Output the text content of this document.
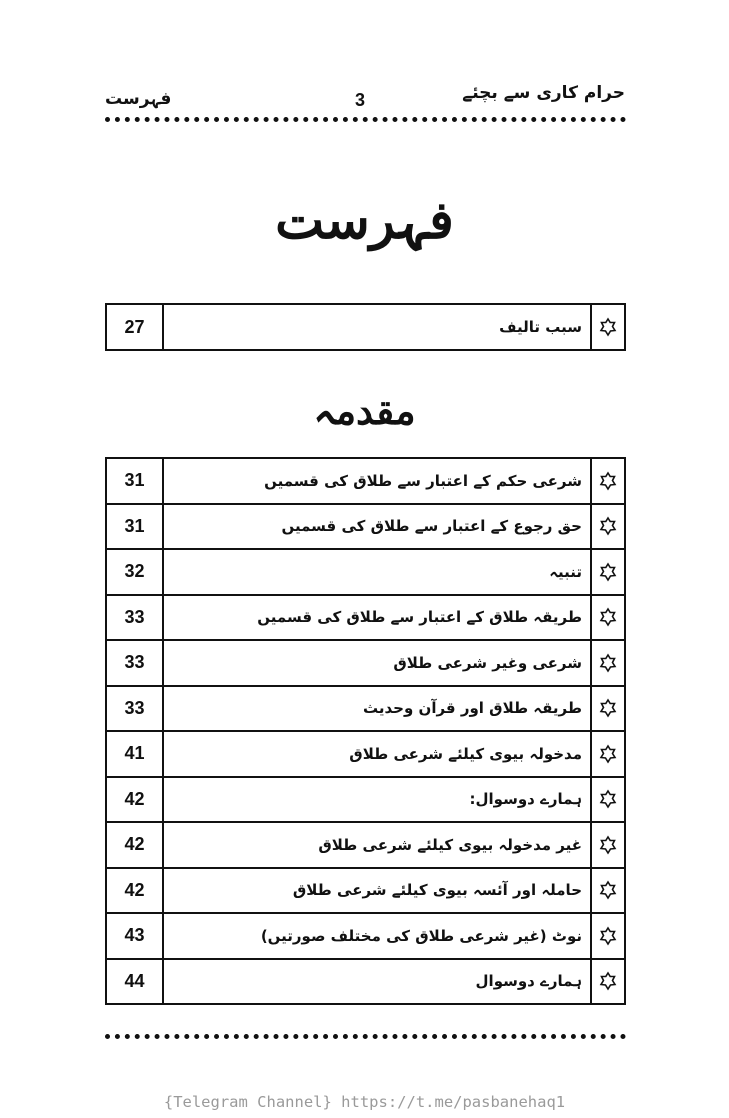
حرام کاری سے بچئے
3
فہرست
فہرست
27	سبب تالیف	
مقدمہ
31	شرعی حکم کے اعتبار سے طلاق کی قسمیں	

31	حق رجوع کے اعتبار سے طلاق کی قسمیں	

32	تنبیہ	

33	طریقہ طلاق کے اعتبار سے طلاق کی قسمیں	

33	شرعی وغیر شرعی طلاق	

33	طریقہ طلاق اور قرآن وحدیث	

41	مدخولہ بیوی کیلئے شرعی طلاق	

42	ہمارے دوسوال:	

42	غیر مدخولہ بیوی کیلئے شرعی طلاق	

42	حاملہ اور آئسہ بیوی کیلئے شرعی طلاق	

43	نوٹ (غیر شرعی طلاق کی مختلف صورتیں)	

44	ہمارے دوسوال	
{Telegram Channel} https://t.me/pasbanehaq1
